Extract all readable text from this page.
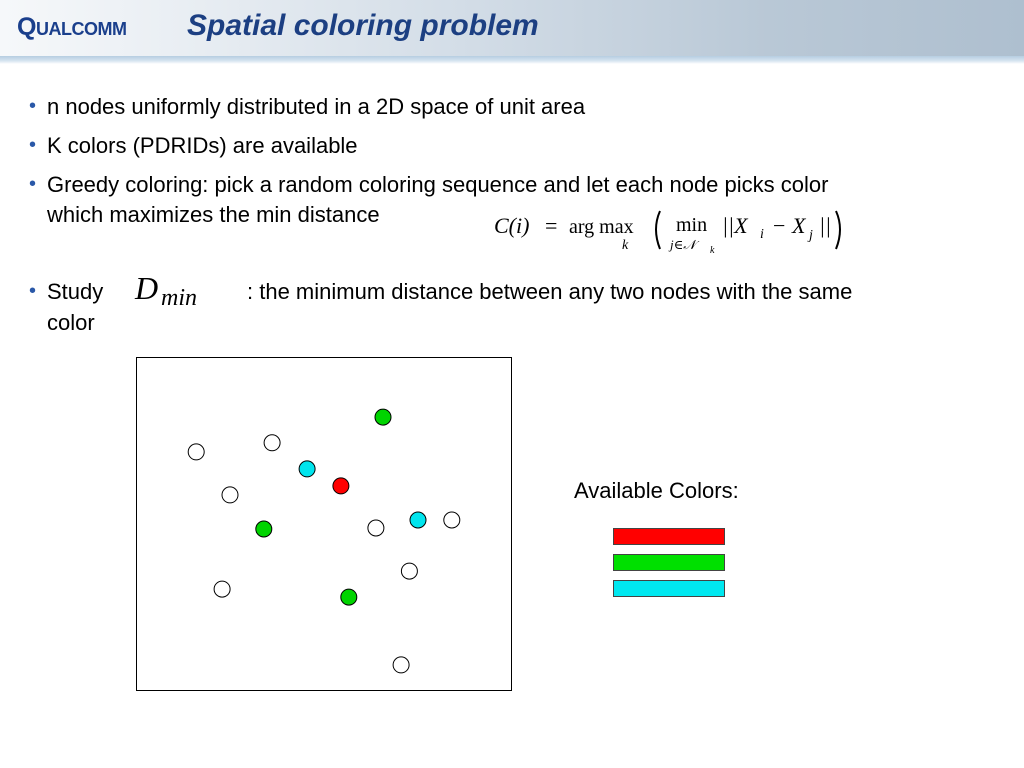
QUALCOMM Spatial coloring problem
• n nodes uniformly distributed in a 2D space of unit area
• K colors (PDRIDs) are available
• Greedy coloring: pick a random coloring sequence and let each node picks color
which maximizes the min distance	C(i) = arg max
k
min
j∈𝒩	k
||X i − X j ||
• Study	: the minimum distance between any two nodes with the same
color
D min
Available Colors:
